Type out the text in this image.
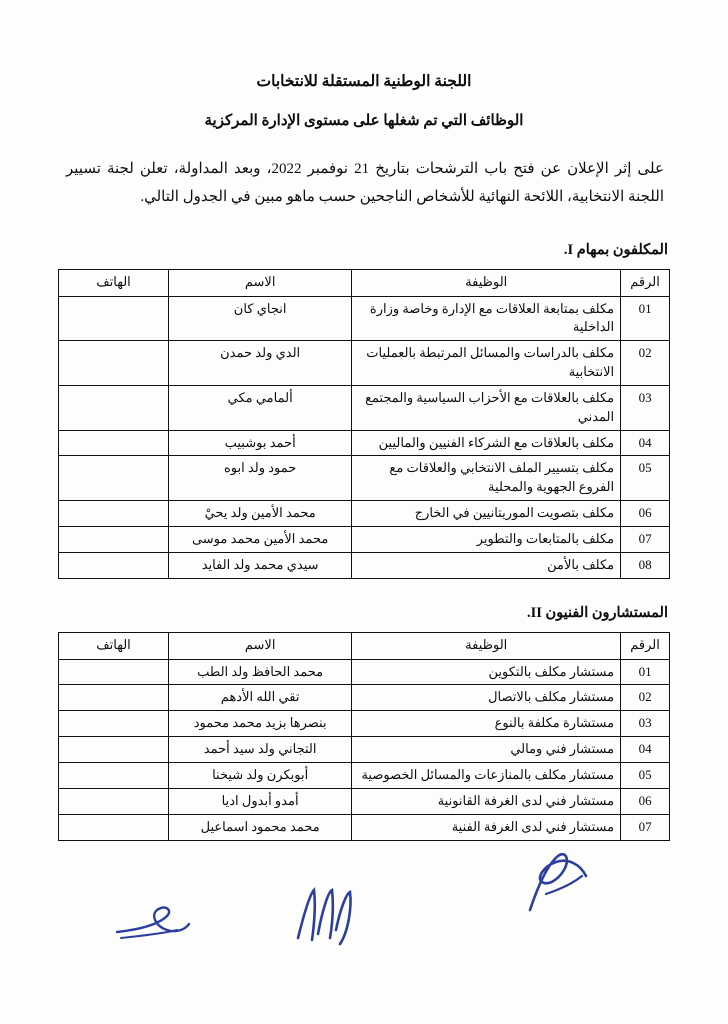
اللجنة الوطنية المستقلة للانتخابات
الوظائف التي تم شغلها على مستوى الإدارة المركزية

على إثر الإعلان عن فتح باب الترشحات بتاريخ 21 نوفمبر 2022، وبعد المداولة، تعلن لجنة تسيير اللجنة الانتخابية، اللائحة النهائية للأشخاص الناجحين حسب ماهو مبين في الجدول التالي.

المكلفون بمهام I.
الرقم	الوظيفة	الاسم	الهاتف
01	مكلف بمتابعة العلاقات مع الإدارة وخاصة وزارة الداخلية	انجاي كان	
02	مكلف بالدراسات والمسائل المرتبطة بالعمليات الانتخابية	الدي ولد حمدن	
03	مكلف بالعلاقات مع الأحزاب السياسية والمجتمع المدني	ألمامي مكي	
04	مكلف بالعلاقات مع الشركاء الفنيين والماليين	أحمد بوشبيب	
05	مكلف بتسيير الملف الانتخابي والعلاقات مع الفروع الجهوية والمحلية	حمود ولد ابوه	
06	مكلف بتصويت الموريتانيين في الخارج	محمد الأمين ولد يحيْ	
07	مكلف بالمتابعات والتطوير	محمد الأمين محمد موسى	
08	مكلف بالأمن	سيدي محمد ولد الفايد	
المستشارون الفنيون II.
الرقم	الوظيفة	الاسم	الهاتف
01	مستشار مكلف بالتكوين	محمد الحافظ ولد الطب	
02	مستشار مكلف بالاتصال	تقي الله الأدهم	
03	مستشارة مكلفة بالنوع	بنصرها بزيد محمد محمود	
04	مستشار فني ومالي	التجاني ولد سيد أحمد	
05	مستشار مكلف بالمنازعات والمسائل الخصوصية	أبوبكرن ولد شيخنا	
06	مستشار فني لدى الغرفة القانونية	أمدو أبدول اديا	
07	مستشار فني لدى الغرفة الفنية	محمد محمود اسماعيل	
